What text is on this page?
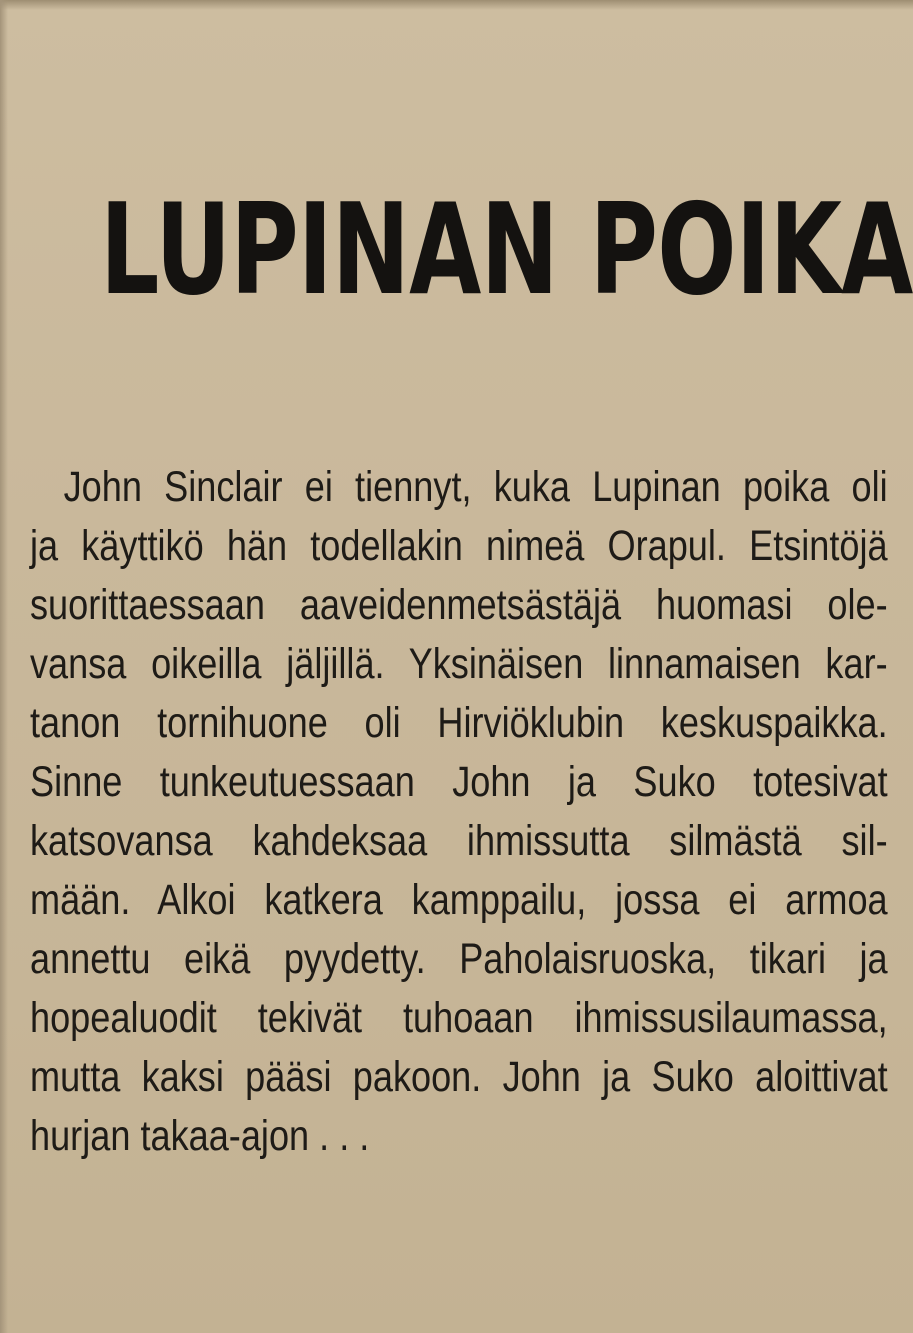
LUPINAN POIKA
John Sinclair ei tiennyt, kuka Lupinan poika oli
ja käyttikö hän todellakin nimeä Orapul. Etsintöjä
suorittaessaan aaveidenmetsästäjä huomasi ole-
vansa oikeilla jäljillä. Yksinäisen linnamaisen kar-
tanon tornihuone oli Hirviöklubin keskuspaikka.
Sinne tunkeutuessaan John ja Suko totesivat
katsovansa kahdeksaa ihmissutta silmästä sil-
mään. Alkoi katkera kamppailu, jossa ei armoa
annettu eikä pyydetty. Paholaisruoska, tikari ja
hopealuodit tekivät tuhoaan ihmissusilaumassa,
mutta kaksi pääsi pakoon. John ja Suko aloittivat
hurjan takaa-ajon . . .
